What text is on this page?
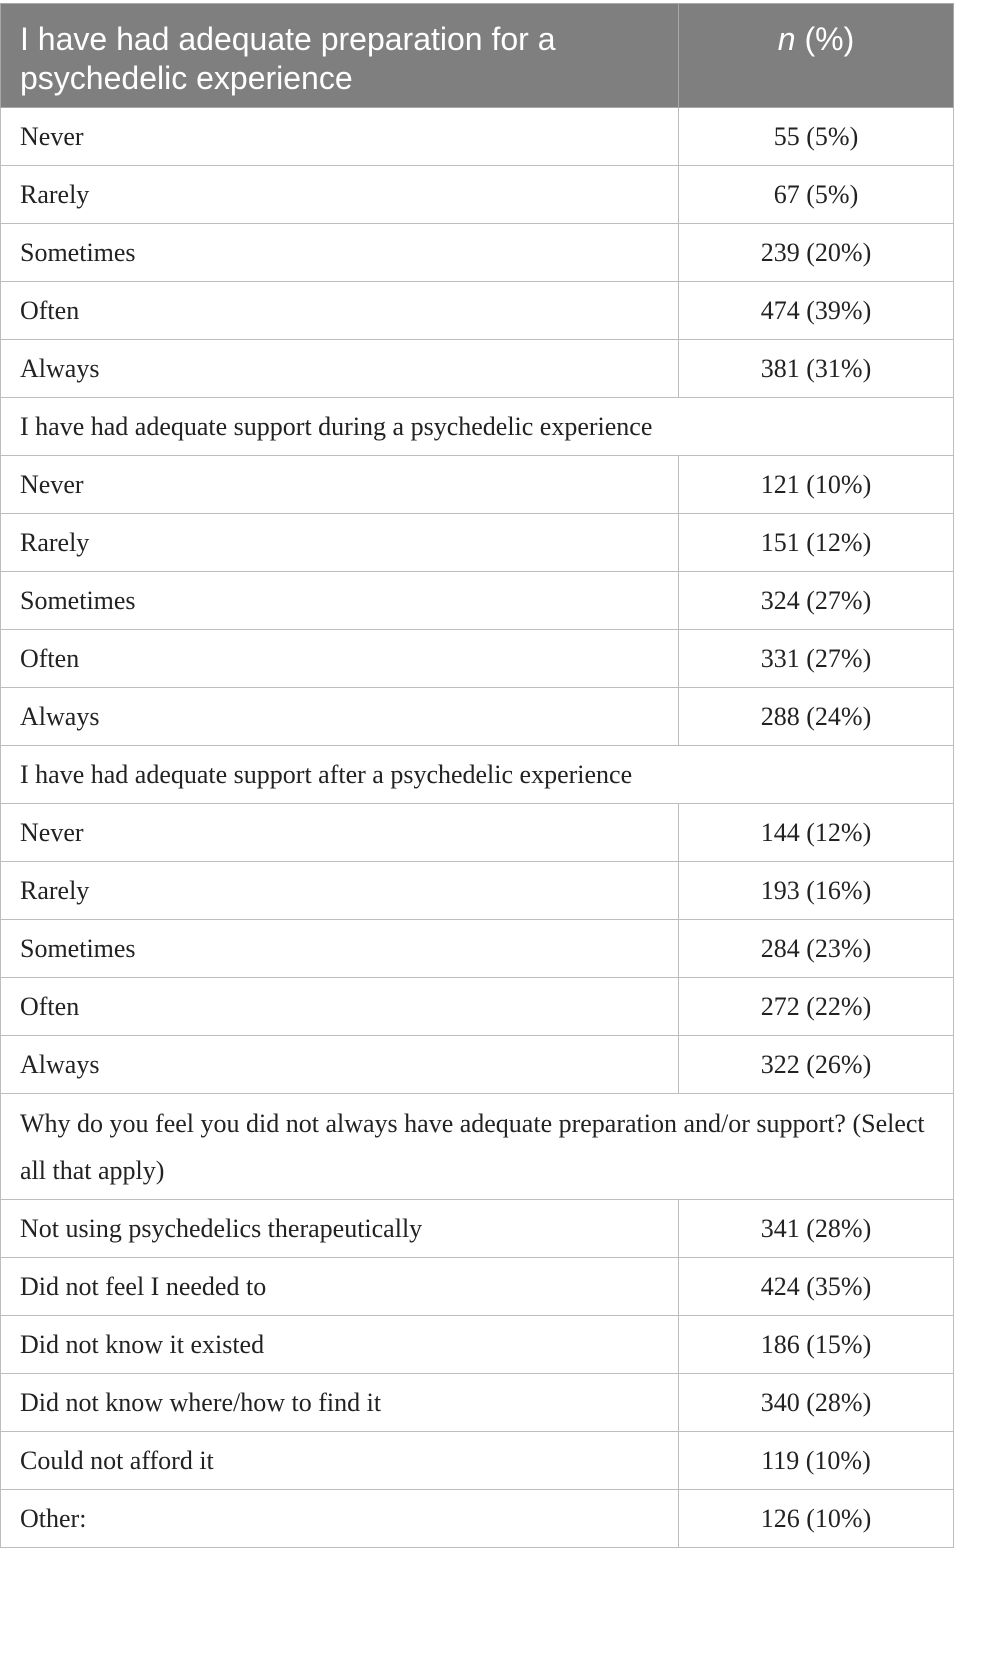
I have had adequate preparation for a psychedelic experience	n (%)
Never	55 (5%)
Rarely	67 (5%)
Sometimes	239 (20%)
Often	474 (39%)
Always	381 (31%)
I have had adequate support during a psychedelic experience	
Never	121 (10%)
Rarely	151 (12%)
Sometimes	324 (27%)
Often	331 (27%)
Always	288 (24%)
I have had adequate support after a psychedelic experience	
Never	144 (12%)
Rarely	193 (16%)
Sometimes	284 (23%)
Often	272 (22%)
Always	322 (26%)
Why do you feel you did not always have adequate preparation and/or support? (Select all that apply)	
Not using psychedelics therapeutically	341 (28%)
Did not feel I needed to	424 (35%)
Did not know it existed	186 (15%)
Did not know where/how to find it	340 (28%)
Could not afford it	119 (10%)
Other:	126 (10%)
